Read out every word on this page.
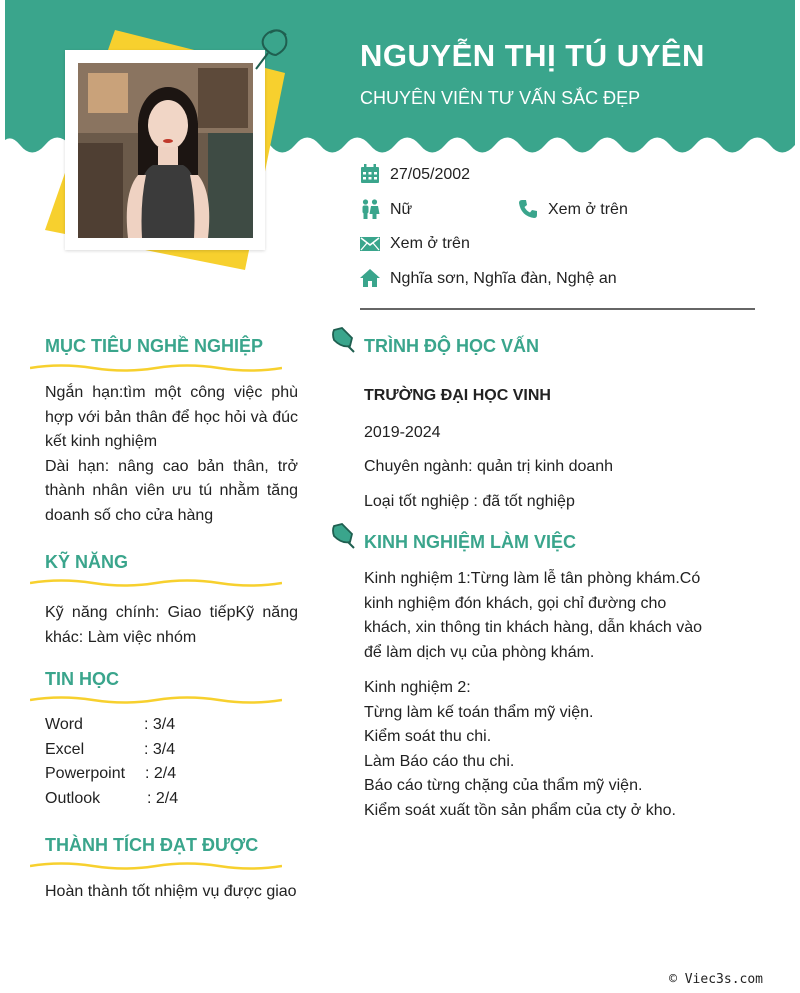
NGUYỄN THỊ TÚ UYÊN
CHUYÊN VIÊN TƯ VẤN SẮC ĐẸP
27/05/2002
Nữ	Xem ở trên
Xem ở trên
Nghĩa sơn, Nghĩa đàn, Nghệ an
MỤC TIÊU NGHỀ NGHIỆP
Ngắn hạn:tìm một công việc phù hợp với bản thân để học hỏi và đúc kết kinh nghiệm
Dài hạn: nâng cao bản thân, trở thành nhân viên ưu tú nhằm tăng doanh số cho cửa hàng
KỸ NĂNG
Kỹ năng chính: Giao tiếpKỹ năng khác: Làm việc nhóm
TIN HỌC
Word	: 3/4
Excel	: 3/4
Powerpoint : 2/4
Outlook	: 2/4
THÀNH TÍCH ĐẠT ĐƯỢC
Hoàn thành tốt nhiệm vụ được giao
TRÌNH ĐỘ HỌC VẤN
TRƯỜNG ĐẠI HỌC VINH
2019-2024
Chuyên ngành: quản trị kinh doanh
Loại tốt nghiệp : đã tốt nghiệp
KINH NGHIỆM LÀM VIỆC
Kinh nghiệm 1:Từng làm lễ tân phòng khám.Có
kinh nghiệm đón khách, gọi chỉ đường cho
khách, xin thông tin khách hàng, dẫn khách vào
để làm dịch vụ của phòng khám.
Kinh nghiệm 2:
Từng làm kế toán thẩm mỹ viện.
Kiểm soát thu chi.
Làm Báo cáo thu chi.
Báo cáo từng chặng của thẩm mỹ viện.
Kiểm soát xuất tồn sản phẩm của cty ở kho.
© Viec3s.com
